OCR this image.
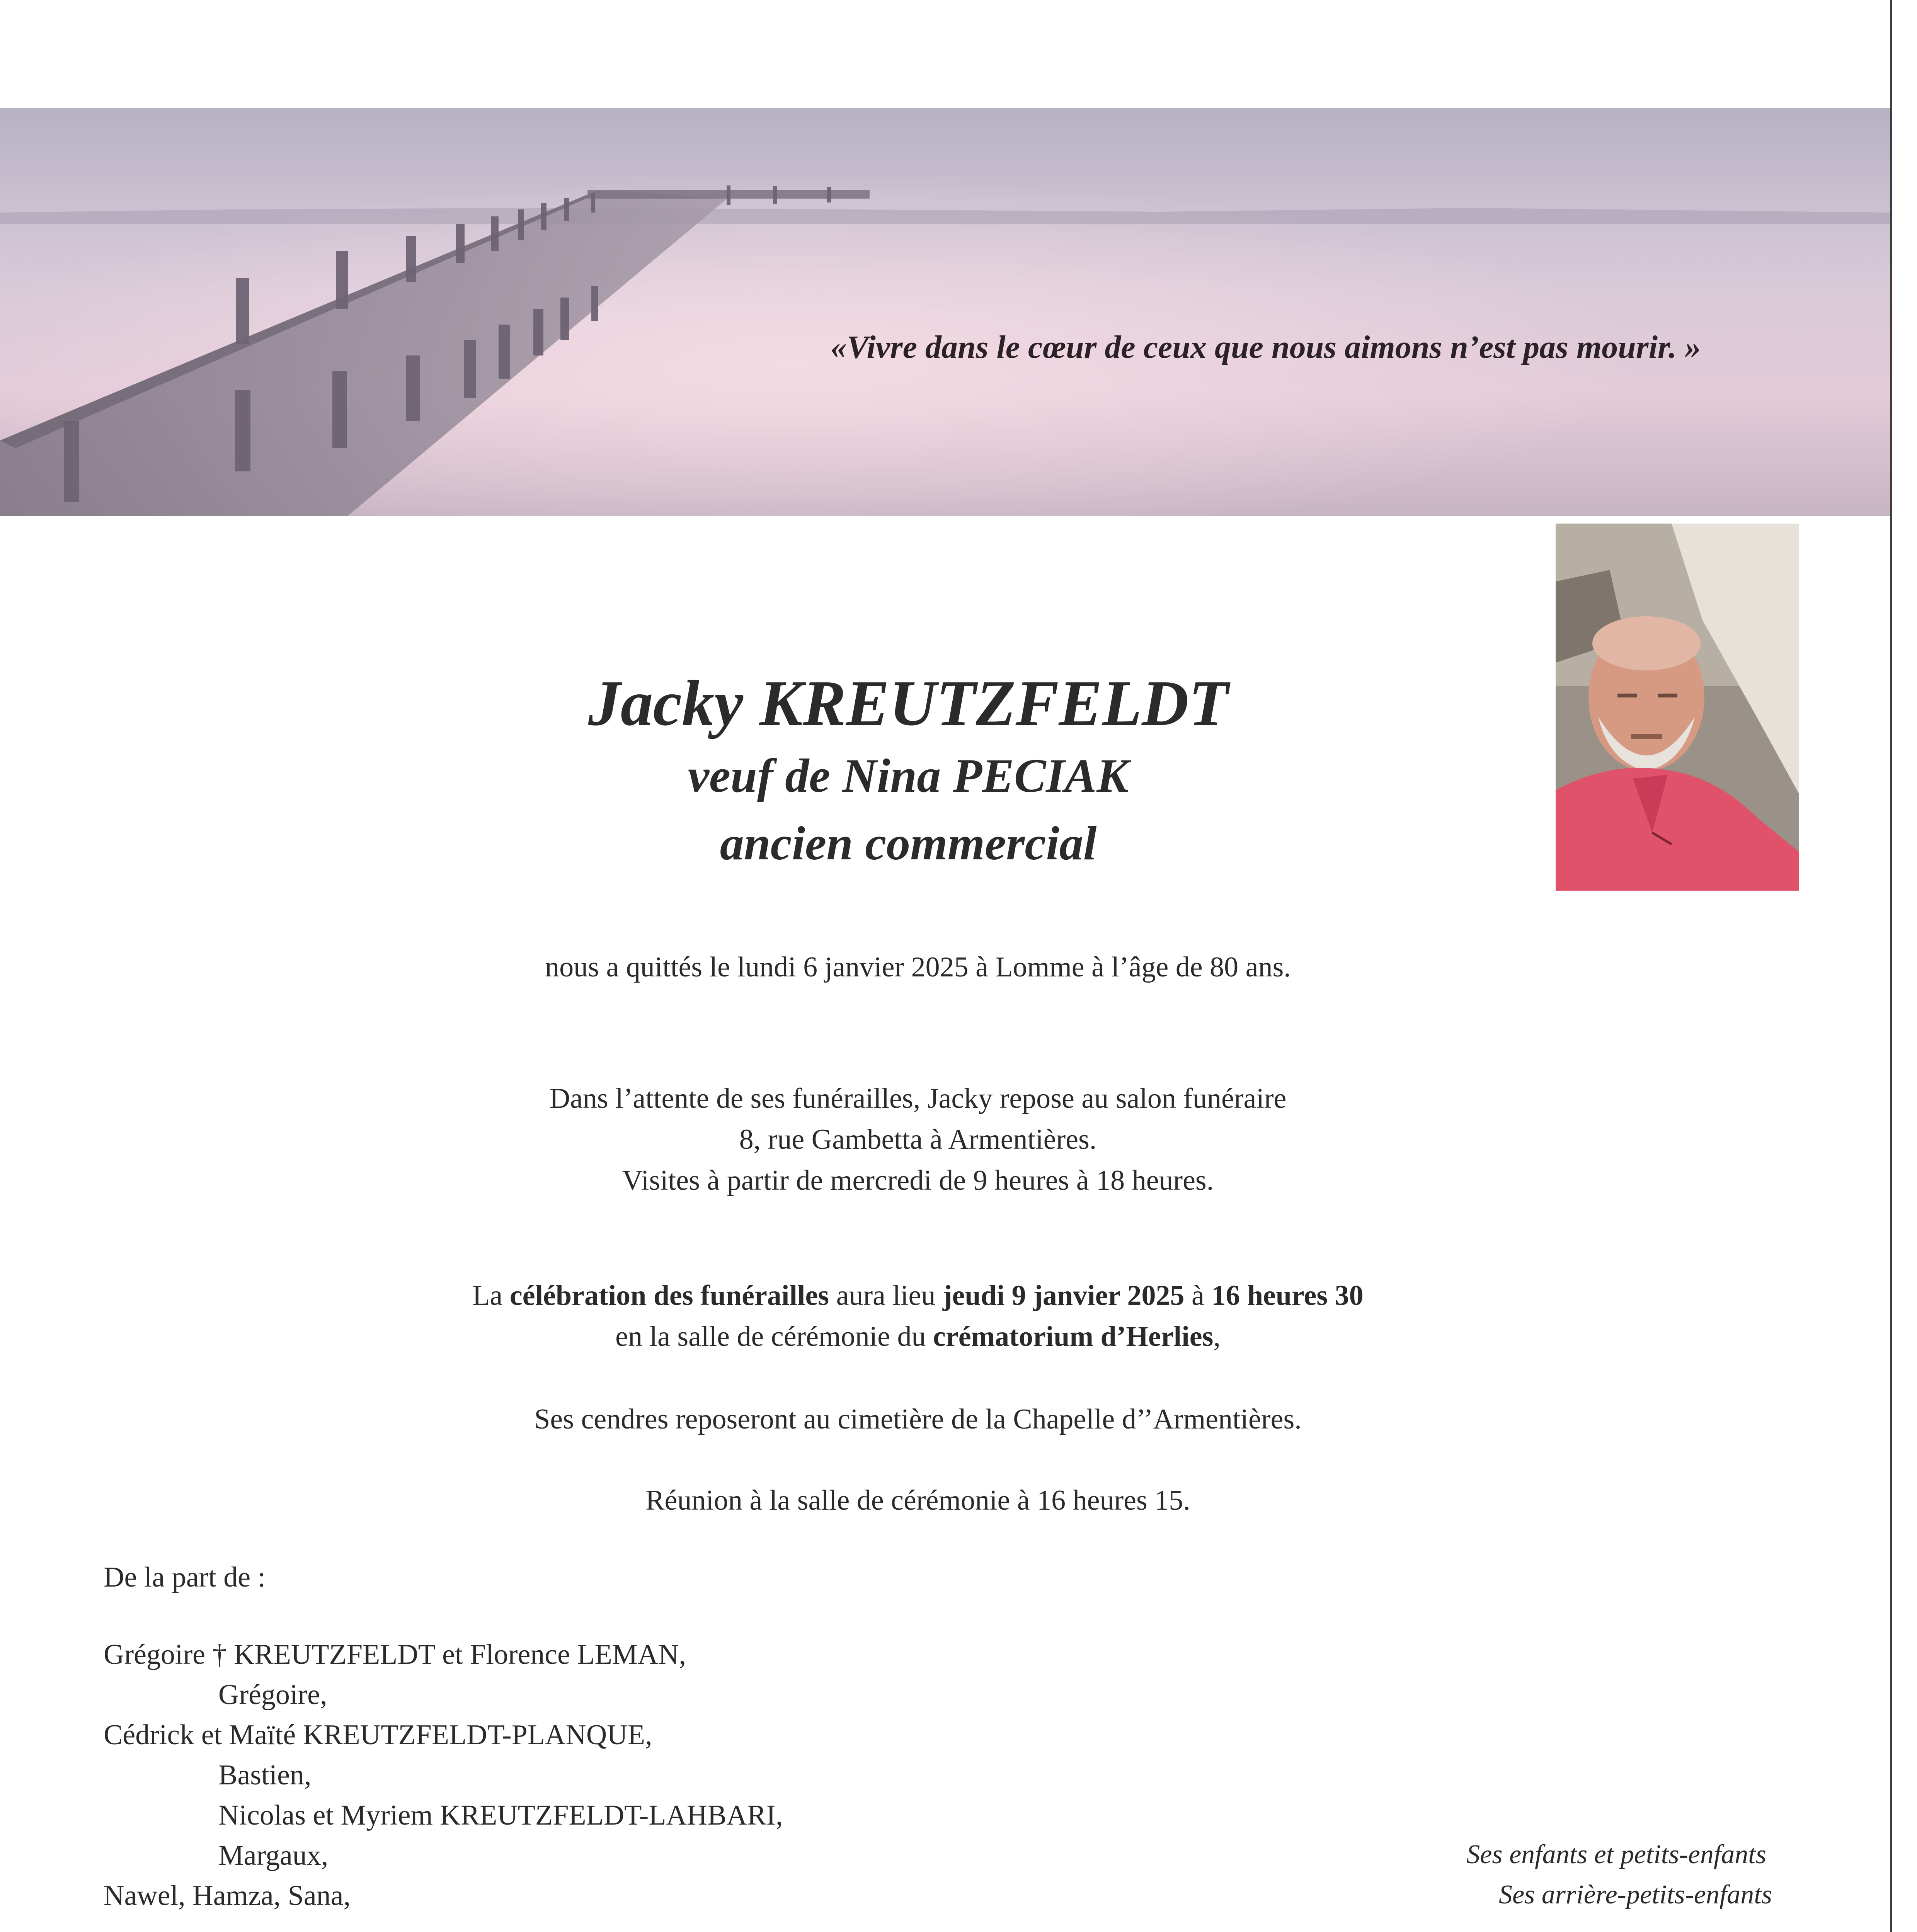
«Vivre dans le cœur de ceux que nous aimons n’est pas mourir. »
Jacky KREUTZFELDT
veuf de Nina PECIAK
ancien commercial
nous a quittés le lundi 6 janvier 2025 à Lomme à l’âge de 80 ans.
Dans l’attente de ses funérailles, Jacky repose au salon funéraire
8, rue Gambetta à Armentières.
Visites à partir de mercredi de 9 heures à 18 heures.
La célébration des funérailles aura lieu jeudi 9 janvier 2025 à 16 heures 30
en la salle de cérémonie du crématorium d’Herlies,
Ses cendres reposeront au cimetière de la Chapelle d’’Armentières.
Réunion à la salle de cérémonie à 16 heures 15.
De la part de :
Grégoire † KREUTZFELDT et Florence LEMAN,
Grégoire,
Cédrick et Maïté KREUTZFELDT-PLANQUE,
Bastien,
Nicolas et Myriem KREUTZFELDT-LAHBARI,
Margaux,
Nawel, Hamza, Sana,
Ses enfants et petits-enfants
Ses arrière-petits-enfants
